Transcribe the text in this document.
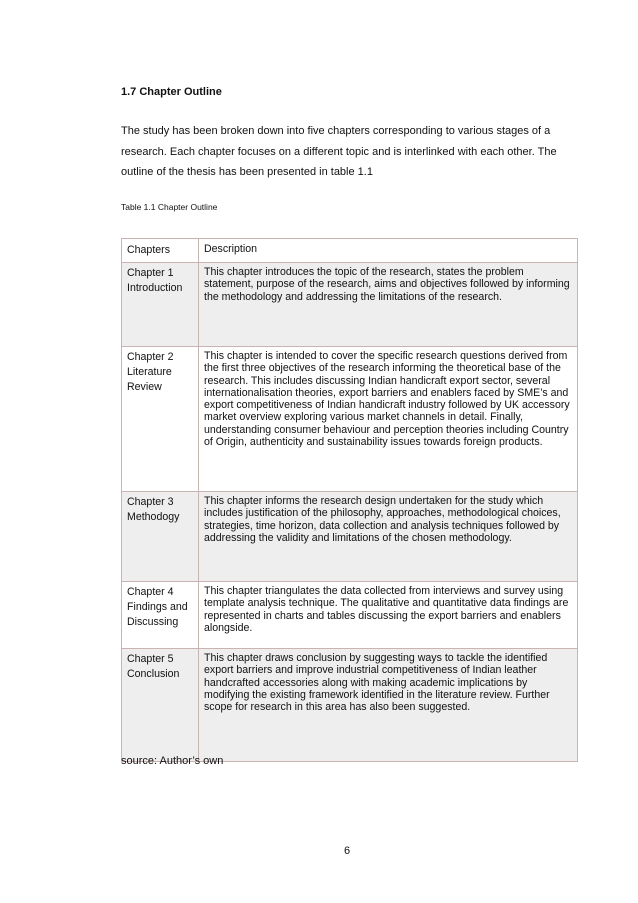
1.7 Chapter Outline
The study has been broken down into five chapters corresponding to various stages of a research. Each chapter focuses on a different topic and is interlinked with each other. The outline of the thesis has been presented in table 1.1
Table 1.1 Chapter Outline
Chapters	Description
Chapter 1 Introduction	This chapter introduces the topic of the research, states the problem statement, purpose of the research, aims and objectives followed by informing the methodology and addressing the limitations of the research.
Chapter 2 Literature Review	This chapter is intended to cover the specific research questions derived from the first three objectives of the research informing the theoretical base of the research. This includes discussing Indian handicraft export sector, several internationalisation theories, export barriers and enablers faced by SME’s and export competitiveness of Indian handicraft industry followed by UK accessory market overview exploring various market channels in detail. Finally, understanding consumer behaviour and perception theories including Country of Origin, authenticity and sustainability issues towards foreign products.
Chapter 3 Methodogy	This chapter informs the research design undertaken for the study which includes justification of the philosophy, approaches, methodological choices, strategies, time horizon, data collection and analysis techniques followed by addressing the validity and limitations of the chosen methodology.
Chapter 4 Findings and Discussing	This chapter triangulates the data collected from interviews and survey using template analysis technique. The qualitative and quantitative data findings are represented in charts and tables discussing the export barriers and enablers alongside.
Chapter 5 Conclusion	This chapter draws conclusion by suggesting ways to tackle the identified export barriers and improve industrial competitiveness of Indian leather handcrafted accessories along with making academic implications by modifying the existing framework identified in the literature review. Further scope for research in this area has also been suggested.
source: Author’s own
6
